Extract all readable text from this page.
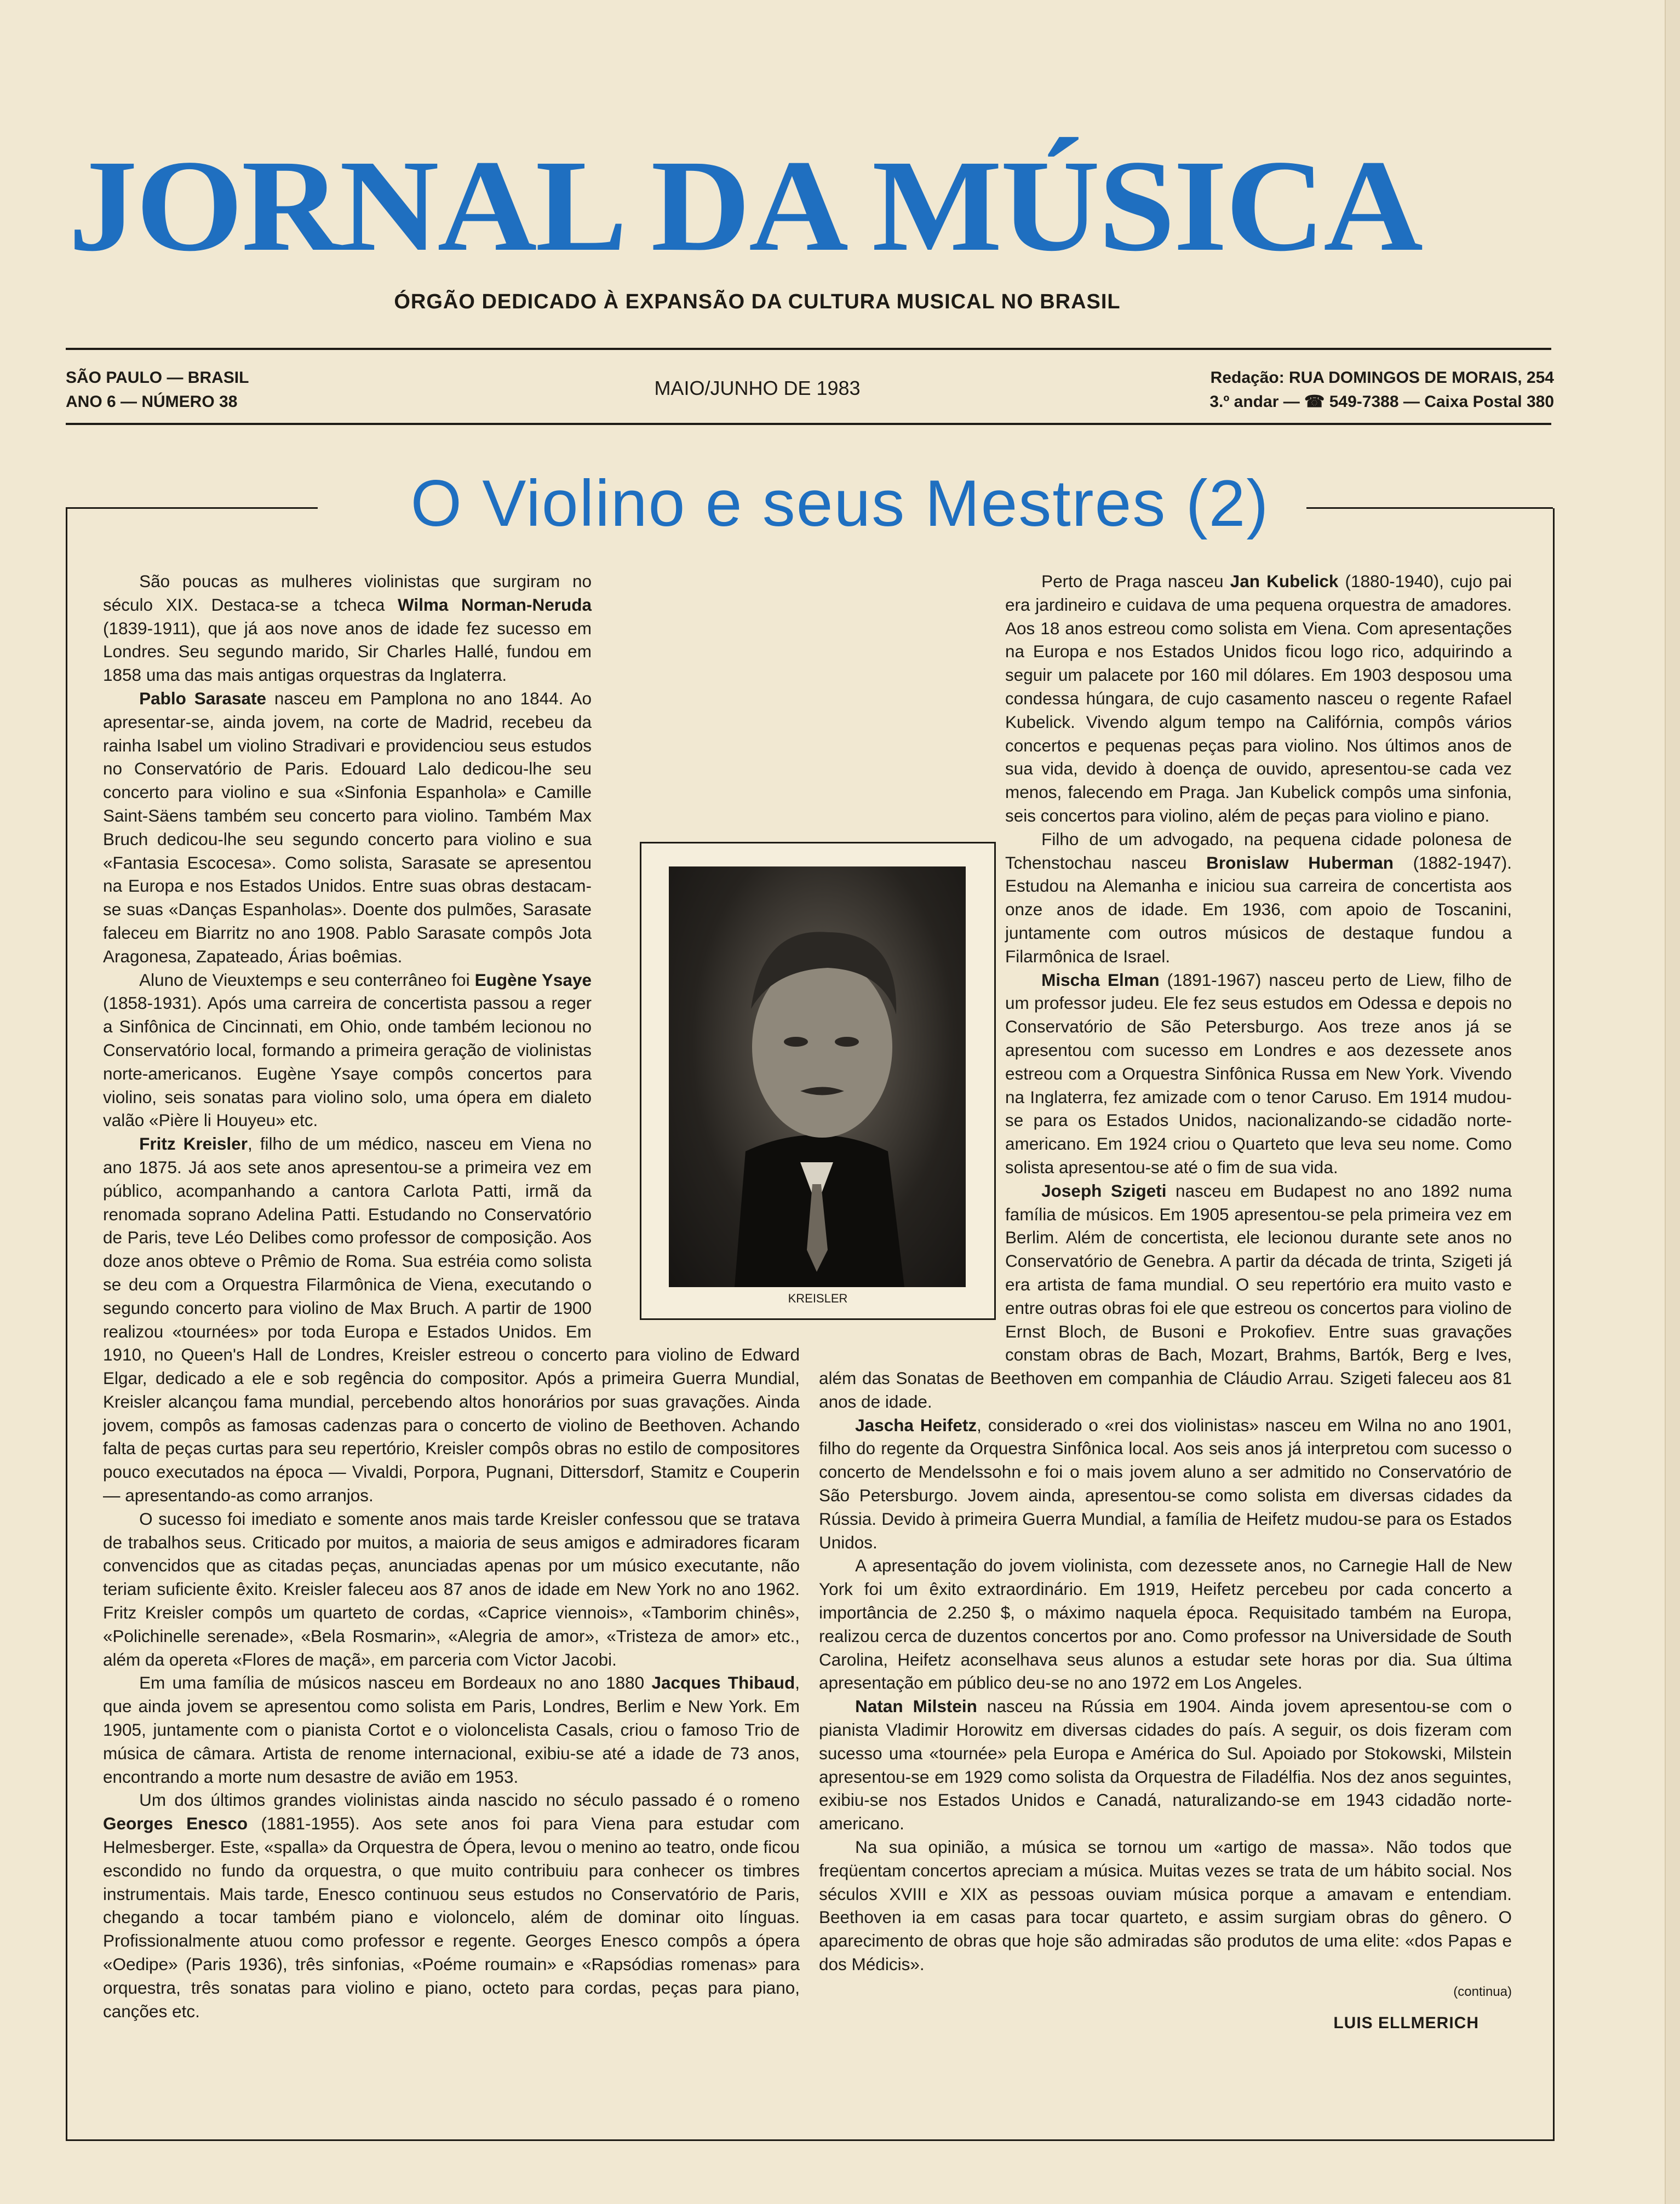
JORNAL DA MÚSICA
ÓRGÃO DEDICADO À EXPANSÃO DA CULTURA MUSICAL NO BRASIL
SÃO PAULO — BRASIL
ANO 6 — NÚMERO 38
MAIO/JUNHO DE 1983	Redação: RUA DOMINGOS DE MORAIS, 254
3.º andar — ☎ 549-7388 — Caixa Postal 380
O Violino e seus Mestres (2)

São poucas as mulheres violinistas que surgiram no século XIX. Destaca-se a tcheca Wilma Norman-Neruda (1839-1911), que já aos nove anos de idade fez sucesso em Londres. Seu segundo marido, Sir Charles Hallé, fundou em 1858 uma das mais antigas orquestras da Inglaterra.

Pablo Sarasate nasceu em Pamplona no ano 1844. Ao apresentar-se, ainda jovem, na corte de Madrid, recebeu da rainha Isabel um violino Stradivari e providenciou seus estudos no Conservatório de Paris. Edouard Lalo dedicou-lhe seu concerto para violino e sua «Sinfonia Espanhola» e Camille Saint-Säens também seu concerto para violino. Também Max Bruch dedicou-lhe seu segundo concerto para violino e sua «Fantasia Escocesa». Como solista, Sarasate se apresentou na Europa e nos Estados Unidos. Entre suas obras destacam-se suas «Danças Espanholas». Doente dos pulmões, Sarasate faleceu em Biarritz no ano 1908. Pablo Sarasate compôs Jota Aragonesa, Zapateado, Árias boêmias.

Aluno de Vieuxtemps e seu conterrâneo foi Eugène Ysaye (1858-1931). Após uma carreira de concertista passou a reger a Sinfônica de Cincinnati, em Ohio, onde também lecionou no Conservatório local, formando a primeira geração de violinistas norte-americanos. Eugène Ysaye compôs concertos para violino, seis sonatas para violino solo, uma ópera em dialeto valão «Pière li Houyeu» etc.

Fritz Kreisler, filho de um médico, nasceu em Viena no ano 1875. Já aos sete anos apresentou-se a primeira vez em público, acompanhando a cantora Carlota Patti, irmã da renomada soprano Adelina Patti. Estudando no Conservatório de Paris, teve Léo Delibes como professor de composição. Aos doze anos obteve o Prêmio de Roma. Sua estréia como solista se deu com a Orquestra Filarmônica de Viena, executando o segundo concerto para violino de Max Bruch. A partir de 1900 realizou «tournées» por toda Europa e Estados Unidos. Em 1910, no Queen's Hall de Londres, Kreisler estreou o concerto para violino de Edward Elgar, dedicado a ele e sob regência do compositor. Após a primeira Guerra Mundial, Kreisler alcançou fama mundial, percebendo altos honorários por suas gravações. Ainda jovem, compôs as famosas cadenzas para o concerto de violino de Beethoven. Achando falta de peças curtas para seu repertório, Kreisler compôs obras no estilo de compositores pouco executados na época — Vivaldi, Porpora, Pugnani, Dittersdorf, Stamitz e Couperin — apresentando-as como arranjos.

O sucesso foi imediato e somente anos mais tarde Kreisler confessou que se tratava de trabalhos seus. Criticado por muitos, a maioria de seus amigos e admiradores ficaram convencidos que as citadas peças, anunciadas apenas por um músico executante, não teriam suficiente êxito. Kreisler faleceu aos 87 anos de idade em New York no ano 1962. Fritz Kreisler compôs um quarteto de cordas, «Caprice viennois», «Tamborim chinês», «Polichinelle serenade», «Bela Rosmarin», «Alegria de amor», «Tristeza de amor» etc., além da opereta «Flores de maçã», em parceria com Victor Jacobi.

Em uma família de músicos nasceu em Bordeaux no ano 1880 Jacques Thibaud, que ainda jovem se apresentou como solista em Paris, Londres, Berlim e New York. Em 1905, juntamente com o pianista Cortot e o violoncelista Casals, criou o famoso Trio de música de câmara. Artista de renome internacional, exibiu-se até a idade de 73 anos, encontrando a morte num desastre de avião em 1953.

Um dos últimos grandes violinistas ainda nascido no século passado é o romeno Georges Enesco (1881-1955). Aos sete anos foi para Viena para estudar com Helmesberger. Este, «spalla» da Orquestra de Ópera, levou o menino ao teatro, onde ficou escondido no fundo da orquestra, o que muito contribuiu para conhecer os timbres instrumentais. Mais tarde, Enesco continuou seus estudos no Conservatório de Paris, chegando a tocar também piano e violoncelo, além de dominar oito línguas. Profissionalmente atuou como professor e regente. Georges Enesco compôs a ópera «Oedipe» (Paris 1936), três sinfonias, «Poéme roumain» e «Rapsódias romenas» para orquestra, três sonatas para violino e piano, octeto para cordas, peças para piano, canções etc.

Perto de Praga nasceu Jan Kubelick (1880-1940), cujo pai era jardineiro e cuidava de uma pequena orquestra de amadores. Aos 18 anos estreou como solista em Viena. Com apresentações na Europa e nos Estados Unidos ficou logo rico, adquirindo a seguir um palacete por 160 mil dólares. Em 1903 desposou uma condessa húngara, de cujo casamento nasceu o regente Rafael Kubelick. Vivendo algum tempo na Califórnia, compôs vários concertos e pequenas peças para violino. Nos últimos anos de sua vida, devido à doença de ouvido, apresentou-se cada vez menos, falecendo em Praga. Jan Kubelick compôs uma sinfonia, seis concertos para violino, além de peças para violino e piano.

Filho de um advogado, na pequena cidade polonesa de Tchenstochau nasceu Bronislaw Huberman (1882-1947). Estudou na Alemanha e iniciou sua carreira de concertista aos onze anos de idade. Em 1936, com apoio de Toscanini, juntamente com outros músicos de destaque fundou a Filarmônica de Israel.

Mischa Elman (1891-1967) nasceu perto de Liew, filho de um professor judeu. Ele fez seus estudos em Odessa e depois no Conservatório de São Petersburgo. Aos treze anos já se apresentou com sucesso em Londres e aos dezessete anos estreou com a Orquestra Sinfônica Russa em New York. Vivendo na Inglaterra, fez amizade com o tenor Caruso. Em 1914 mudou-se para os Estados Unidos, nacionalizando-se cidadão norte-americano. Em 1924 criou o Quarteto que leva seu nome. Como solista apresentou-se até o fim de sua vida.

Joseph Szigeti nasceu em Budapest no ano 1892 numa família de músicos. Em 1905 apresentou-se pela primeira vez em Berlim. Além de concertista, ele lecionou durante sete anos no Conservatório de Genebra. A partir da década de trinta, Szigeti já era artista de fama mundial. O seu repertório era muito vasto e entre outras obras foi ele que estreou os concertos para violino de Ernst Bloch, de Busoni e Prokofiev. Entre suas gravações constam obras de Bach, Mozart, Brahms, Bartók, Berg e Ives, além das Sonatas de Beethoven em companhia de Cláudio Arrau. Szigeti faleceu aos 81 anos de idade.

Jascha Heifetz, considerado o «rei dos violinistas» nasceu em Wilna no ano 1901, filho do regente da Orquestra Sinfônica local. Aos seis anos já interpretou com sucesso o concerto de Mendelssohn e foi o mais jovem aluno a ser admitido no Conservatório de São Petersburgo. Jovem ainda, apresentou-se como solista em diversas cidades da Rússia. Devido à primeira Guerra Mundial, a família de Heifetz mudou-se para os Estados Unidos.

A apresentação do jovem violinista, com dezessete anos, no Carnegie Hall de New York foi um êxito extraordinário. Em 1919, Heifetz percebeu por cada concerto a importância de 2.250 $, o máximo naquela época. Requisitado também na Europa, realizou cerca de duzentos concertos por ano. Como professor na Universidade de South Carolina, Heifetz aconselhava seus alunos a estudar sete horas por dia. Sua última apresentação em público deu-se no ano 1972 em Los Angeles.

Natan Milstein nasceu na Rússia em 1904. Ainda jovem apresentou-se com o pianista Vladimir Horowitz em diversas cidades do país. A seguir, os dois fizeram com sucesso uma «tournée» pela Europa e América do Sul. Apoiado por Stokowski, Milstein apresentou-se em 1929 como solista da Orquestra de Filadélfia. Nos dez anos seguintes, exibiu-se nos Estados Unidos e Canadá, naturalizando-se em 1943 cidadão norte-americano.

Na sua opinião, a música se tornou um «artigo de massa». Não todos que freqüentam concertos apreciam a música. Muitas vezes se trata de um hábito social. Nos séculos XVIII e XIX as pessoas ouviam música porque a amavam e entendiam. Beethoven ia em casas para tocar quarteto, e assim surgiam obras do gênero. O aparecimento de obras que hoje são admiradas são produtos de uma elite: «dos Papas e dos Médicis».

(continua)
LUIS ELLMERICH
KREISLER
